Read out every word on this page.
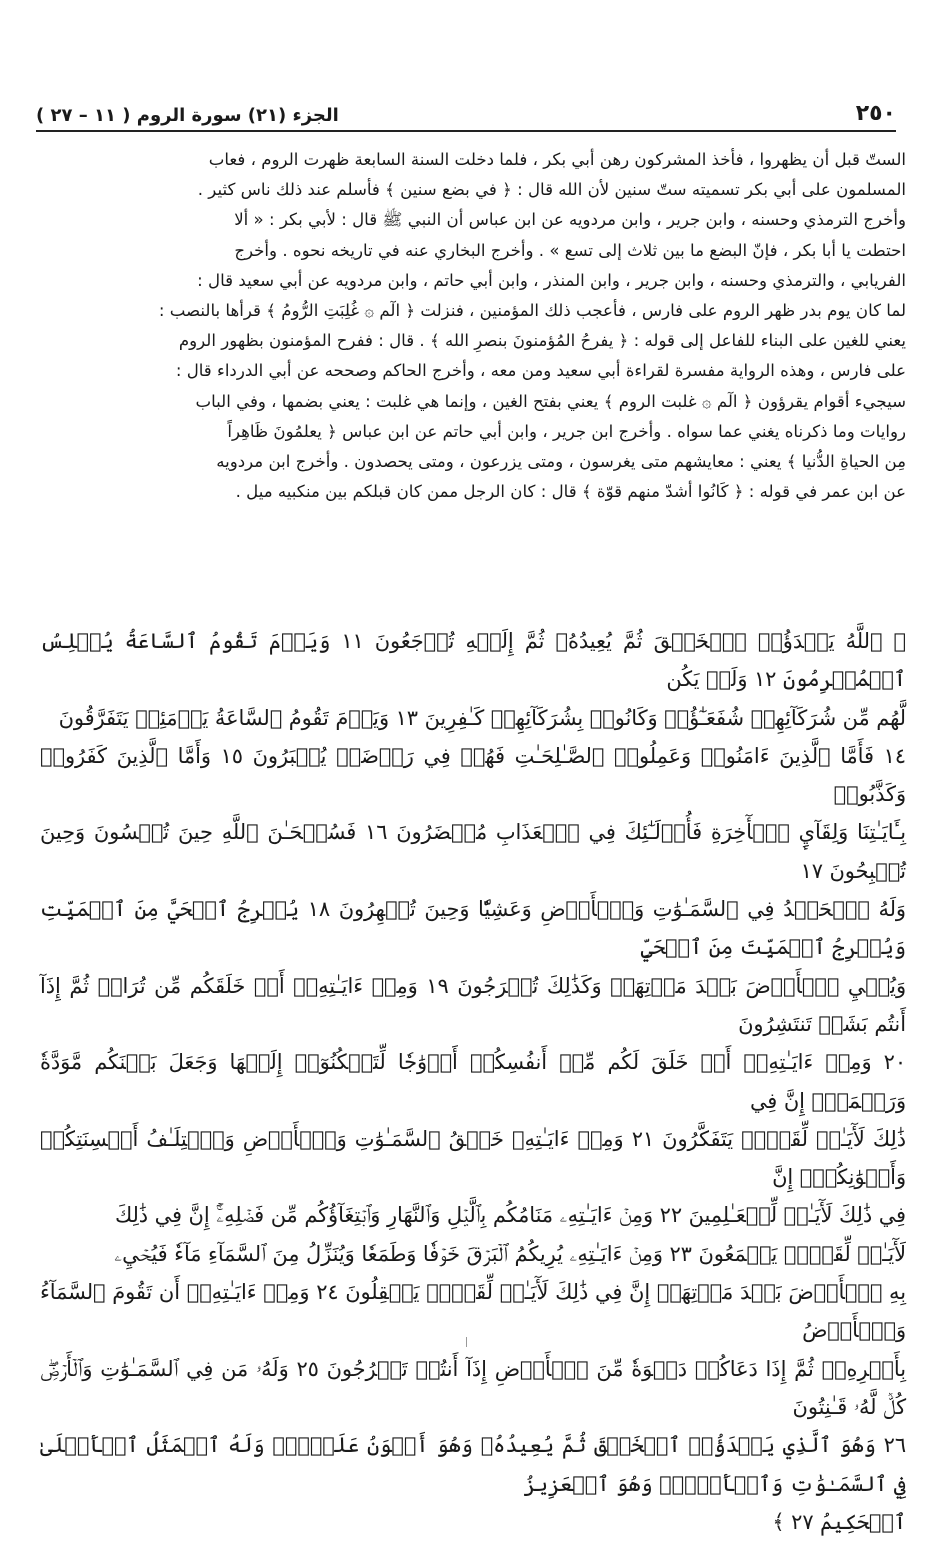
٢٥٠
الجزء (٢١) سورة الروم ( ١١ – ٢٧ )

الستّ قبل أن يظهروا ، فأخذ المشركون رهن أبي بكر ، فلما دخلت السنة السابعة ظهرت الروم ، فعاب

المسلمون على أبي بكر تسميته ستّ سنين لأن الله قال : ﴿ في بضع سنين ﴾ فأسلم عند ذلك ناس كثير .

وأخرج الترمذي وحسنه ، وابن جرير ، وابن مردويه عن ابن عباس أن النبي ﷺ قال : لأبي بكر : « ألا

احتطت يا أبا بكر ، فإنّ البضع ما بين ثلاث إلى تسع » . وأخرج البخاري عنه في تاريخه نحوه . وأخرج

الفريابي ، والترمذي وحسنه ، وابن جرير ، وابن المنذر ، وابن أبي حاتم ، وابن مردويه عن أبي سعيد قال :

لما كان يوم بدر ظهر الروم على فارس ، فأعجب ذلك المؤمنين ، فنزلت ﴿ الٓم ۞ غُلِبَتِ الرُّومُ ﴾ قرأها بالنصب :

يعني للغين على البناء للفاعل إلى قوله : ﴿ يفرحُ المُؤمنونَ بنصرِ الله ﴾ . قال : ففرح المؤمنون بظهور الروم

على فارس ، وهذه الرواية مفسرة لقراءة أبي سعيد ومن معه ، وأخرج الحاكم وصححه عن أبي الدرداء قال :

سيجيء أقوام يقرؤون ﴿ الٓم ۞ غلبت الروم ﴾ يعني بفتح الغين ، وإنما هي غلبت : يعني بضمها ، وفي الباب

روايات وما ذكرناه يغني عما سواه . وأخرج ابن جرير ، وابن أبي حاتم عن ابن عباس ﴿ يعلمُونَ ظَاهِراً

مِن الحياةِ الدُّنيا ﴾ يعني : معايشهم متى يغرسون ، ومتى يزرعون ، ومتى يحصدون . وأخرج ابن مردويه

عن ابن عمر في قوله : ﴿ كَانُوا أشدّ منهم قوّة ﴾ قال : كان الرجل ممن كان قبلكم بين منكبيه ميل .

﴿ ٱللَّهُ يَبۡدَؤُا۟ ٱلۡخَلۡقَ ثُمَّ يُعِيدُهُۥ ثُمَّ إِلَيۡهِ تُرۡجَعُونَ ١١ وَيَوۡمَ تَقُومُ ٱلسَّاعَةُ يُبۡلِسُ ٱلۡمُجۡرِمُونَ ١٢ وَلَمۡ يَكُن

لَّهُم مِّن شُرَكَآئِهِمۡ شُفَعَـٰٓؤُا۟ وَكَانُوا۟ بِشُرَكَآئِهِمۡ كَـٰفِرِينَ ١٣ وَيَوۡمَ تَقُومُ ٱلسَّاعَةُ يَوۡمَئِذٖ يَتَفَرَّقُونَ

١٤ فَأَمَّا ٱلَّذِينَ ءَامَنُوا۟ وَعَمِلُوا۟ ٱلصَّـٰلِحَـٰتِ فَهُمۡ فِي رَوۡضَةٖ يُحۡبَرُونَ ١٥ وَأَمَّا ٱلَّذِينَ كَفَرُوا۟ وَكَذَّبُوا۟

بِـَٔايَـٰتِنَا وَلِقَآيِٕ ٱلۡأٓخِرَةِ فَأُو۟لَـٰٓئِكَ فِي ٱلۡعَذَابِ مُحۡضَرُونَ ١٦ فَسُبۡحَـٰنَ ٱللَّهِ حِينَ تُمۡسُونَ وَحِينَ تُصۡبِحُونَ ١٧

وَلَهُ ٱلۡحَمۡدُ فِي ٱلسَّمَـٰوَٰتِ وَٱلۡأَرۡضِ وَعَشِيّٗا وَحِينَ تُظۡهِرُونَ ١٨ يُخۡرِجُ ٱلۡحَيَّ مِنَ ٱلۡمَيِّتِ وَيُخۡرِجُ ٱلۡمَيِّتَ مِنَ ٱلۡحَيِّ

وَيُحۡيِ ٱلۡأَرۡضَ بَعۡدَ مَوۡتِهَاۚ وَكَذَٰلِكَ تُخۡرَجُونَ ١٩ وَمِنۡ ءَايَـٰتِهِۦٓ أَنۡ خَلَقَكُم مِّن تُرَابٖ ثُمَّ إِذَآ أَنتُم بَشَرٞ تَنتَشِرُونَ

٢٠ وَمِنۡ ءَايَـٰتِهِۦٓ أَنۡ خَلَقَ لَكُم مِّنۡ أَنفُسِكُمۡ أَزۡوَٰجٗا لِّتَسۡكُنُوٓا۟ إِلَيۡهَا وَجَعَلَ بَيۡنَكُم مَّوَدَّةٗ وَرَحۡمَةًۚ إِنَّ فِي

ذَٰلِكَ لَأٓيَـٰتٖ لِّقَوۡمٖ يَتَفَكَّرُونَ ٢١ وَمِنۡ ءَايَـٰتِهِۦ خَلۡقُ ٱلسَّمَـٰوَٰتِ وَٱلۡأَرۡضِ وَٱخۡتِلَـٰفُ أَلۡسِنَتِكُمۡ وَأَلۡوَٰنِكُمۡۚ إِنَّ

فِي ذَٰلِكَ لَأٓيَـٰتٖ لِّلۡعَـٰلِمِينَ ٢٢ وَمِنۡ ءَايَـٰتِهِۦ مَنَامُكُم بِٱلَّيۡلِ وَٱلنَّهَارِ وَٱبۡتِغَآؤُكُم مِّن فَضۡلِهِۦٓۚ إِنَّ فِي ذَٰلِكَ

لَأٓيَـٰتٖ لِّقَوۡمٖ يَسۡمَعُونَ ٢٣ وَمِنۡ ءَايَـٰتِهِۦ يُرِيكُمُ ٱلۡبَرۡقَ خَوۡفٗا وَطَمَعٗا وَيُنَزِّلُ مِنَ ٱلسَّمَآءِ مَآءٗ فَيُحۡيِۦ

بِهِ ٱلۡأَرۡضَ بَعۡدَ مَوۡتِهَآۚ إِنَّ فِي ذَٰلِكَ لَأٓيَـٰتٖ لِّقَوۡمٖ يَعۡقِلُونَ ٢٤ وَمِنۡ ءَايَـٰتِهِۦٓ أَن تَقُومَ ٱلسَّمَآءُ وَٱلۡأَرۡضُ

بِأَمۡرِهِۦۚ ثُمَّ إِذَا دَعَاكُمۡ دَعۡوَةٗ مِّنَ ٱلۡأَرۡضِ إِذَآ أَنتُمۡ تَخۡرُجُونَ ٢٥ وَلَهُۥ مَن فِي ٱلسَّمَـٰوَٰتِ وَٱلۡأَرۡضِۖ كُلّٞ لَّهُۥ قَـٰنِتُونَ

٢٦ وَهُوَ ٱلَّذِي يَبۡدَؤُا۟ ٱلۡخَلۡقَ ثُمَّ يُعِيدُهُۥ وَهُوَ أَهۡوَنُ عَلَيۡهِۚ وَلَهُ ٱلۡمَثَلُ ٱلۡأَعۡلَىٰ فِي ٱلسَّمَـٰوَٰتِ وَٱلۡأَرۡضِۚ وَهُوَ ٱلۡعَزِيزُ

ٱلۡحَكِيمُ ٢٧ ﴾
